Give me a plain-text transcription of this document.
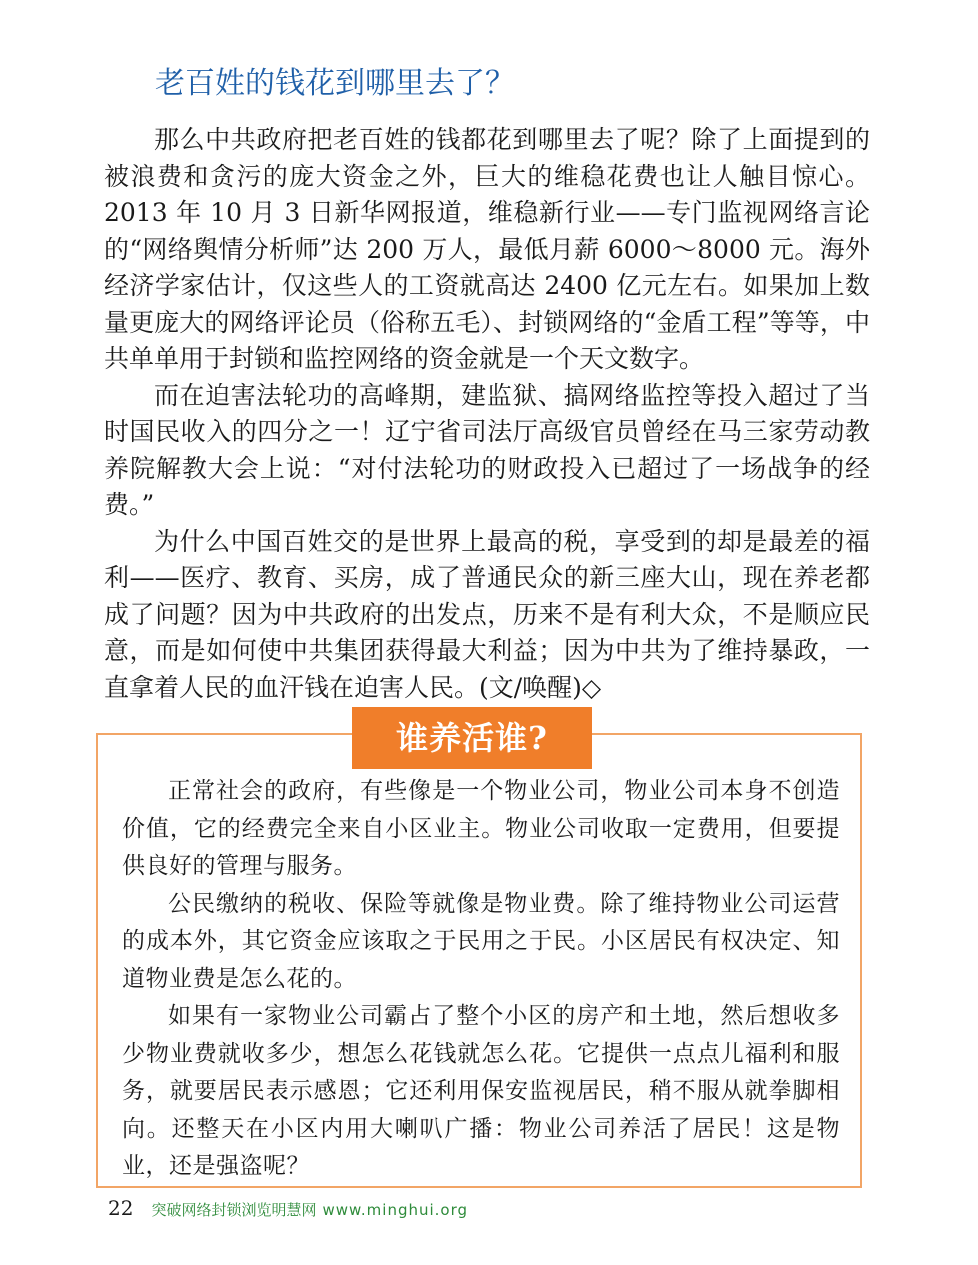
老百姓的钱花到哪里去了？

那么中共政府把老百姓的钱都花到哪里去了呢？除了上面提到的被浪费和贪污的庞大资金之外，巨大的维稳花费也让人触目惊心。2013 年 10 月 3 日新华网报道，维稳新行业——专门监视网络言论的“网络舆情分析师”达 200 万人，最低月薪 6000～8000 元。海外经济学家估计，仅这些人的工资就高达 2400 亿元左右。如果加上数量更庞大的网络评论员（俗称五毛）、封锁网络的“金盾工程”等等，中共单单用于封锁和监控网络的资金就是一个天文数字。

而在迫害法轮功的高峰期，建监狱、搞网络监控等投入超过了当时国民收入的四分之一！辽宁省司法厅高级官员曾经在马三家劳动教养院解教大会上说：“对付法轮功的财政投入已超过了一场战争的经费。”

为什么中国百姓交的是世界上最高的税，享受到的却是最差的福利——医疗、教育、买房，成了普通民众的新三座大山，现在养老都成了问题？因为中共政府的出发点，历来不是有利大众，不是顺应民意，而是如何使中共集团获得最大利益；因为中共为了维持暴政，一直拿着人民的血汗钱在迫害人民。(文/唤醒)◇

谁养活谁?

正常社会的政府，有些像是一个物业公司，物业公司本身不创造价值，它的经费完全来自小区业主。物业公司收取一定费用，但要提供良好的管理与服务。

公民缴纳的税收、保险等就像是物业费。除了维持物业公司运营的成本外，其它资金应该取之于民用之于民。小区居民有权决定、知道物业费是怎么花的。

如果有一家物业公司霸占了整个小区的房产和土地，然后想收多少物业费就收多少，想怎么花钱就怎么花。它提供一点点儿福利和服务，就要居民表示感恩；它还利用保安监视居民，稍不服从就拳脚相向。还整天在小区内用大喇叭广播：物业公司养活了居民！这是物业，还是强盗呢？

22 突破网络封锁浏览明慧网 www.minghui.org
